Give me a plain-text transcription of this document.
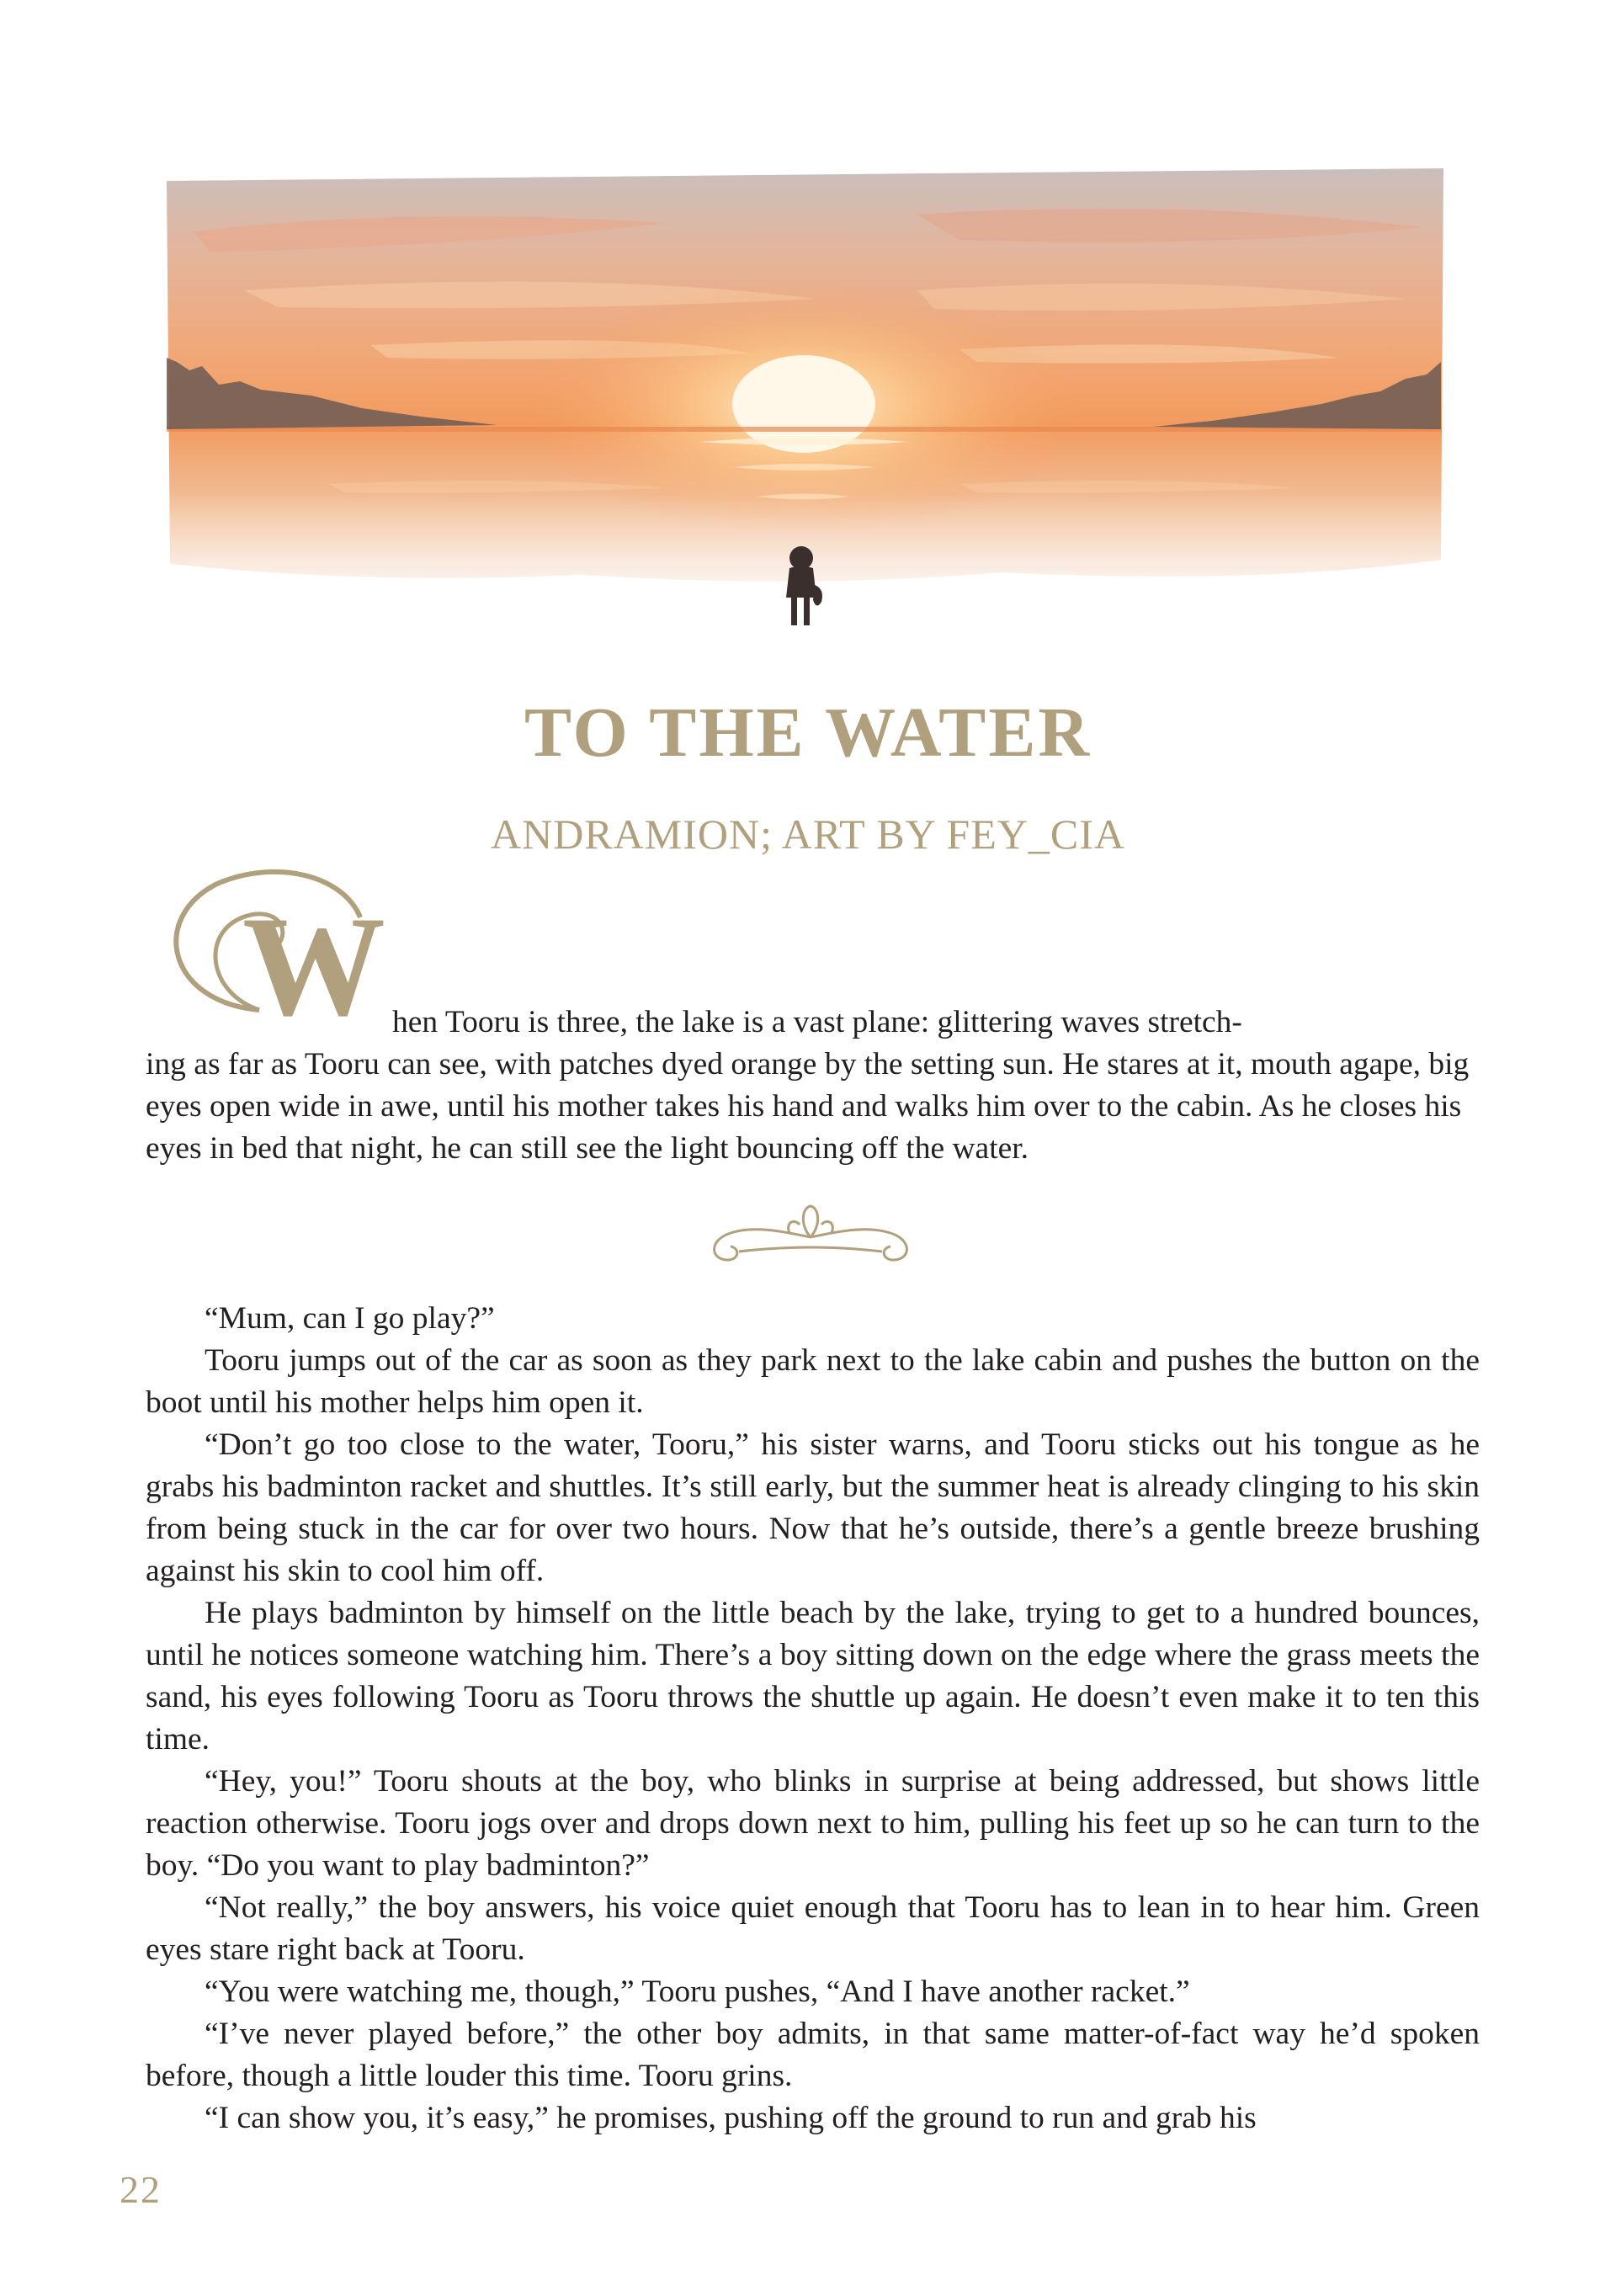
TO THE WATER
ANDRAMION; ART BY FEY_CIA
W hen Tooru is three, the lake is a vast plane: glittering waves stretch-
ing as far as Tooru can see, with patches dyed orange by the setting sun. He stares at it, mouth agape, big eyes open wide in awe, until his mother takes his hand and walks him over to the cabin. As he closes his eyes in bed that night, he can still see the light bouncing off the water.

“Mum, can I go play?”

Tooru jumps out of the car as soon as they park next to the lake cabin and pushes the button on the boot until his mother helps him open it.

“Don’t go too close to the water, Tooru,” his sister warns, and Tooru sticks out his tongue as he grabs his badminton racket and shuttles. It’s still early, but the summer heat is already clinging to his skin from being stuck in the car for over two hours. Now that he’s outside, there’s a gentle breeze brushing against his skin to cool him off.

He plays badminton by himself on the little beach by the lake, trying to get to a hundred bounces, until he notices someone watching him. There’s a boy sitting down on the edge where the grass meets the sand, his eyes following Tooru as Tooru throws the shuttle up again. He doesn’t even make it to ten this time.

“Hey, you!” Tooru shouts at the boy, who blinks in surprise at being addressed, but shows little reaction otherwise. Tooru jogs over and drops down next to him, pulling his feet up so he can turn to the boy. “Do you want to play badminton?”

“Not really,” the boy answers, his voice quiet enough that Tooru has to lean in to hear him. Green eyes stare right back at Tooru.

“You were watching me, though,” Tooru pushes, “And I have another racket.”

“I’ve never played before,” the other boy admits, in that same matter-of-fact way he’d spoken before, though a little louder this time. Tooru grins.

“I can show you, it’s easy,” he promises, pushing off the ground to run and grab his

22
